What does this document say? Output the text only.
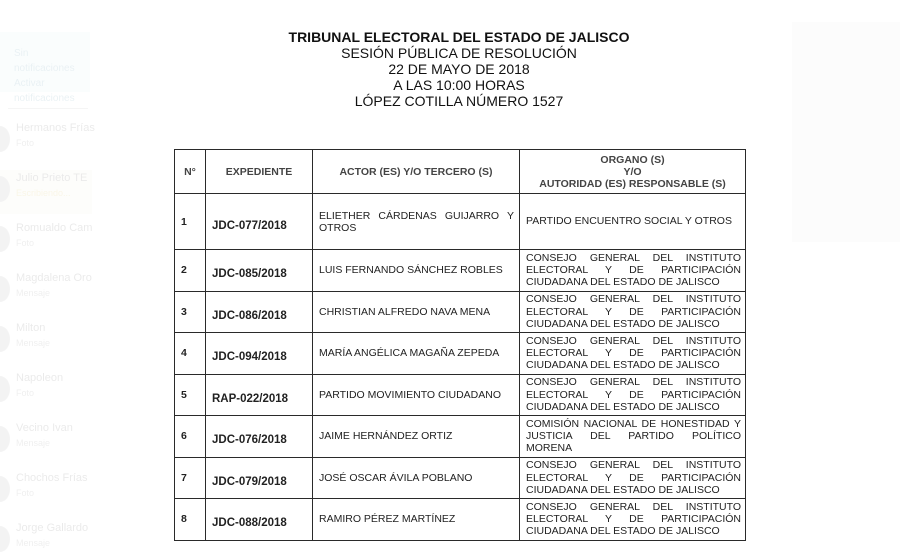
Sin notificaciones
Activar notificaciones
Hermanos Frías
Foto
Julio Prieto TE
Escribiendo...
Romualdo Cam
Foto
Magdalena Oro
Mensaje
Milton
Mensaje
Napoleon
Foto
Vecino Ivan
Mensaje
Chochos Frías
Foto
Jorge Gallardo
Mensaje
TRIBUNAL ELECTORAL DEL ESTADO DE JALISCO
SESIÓN PÚBLICA DE RESOLUCIÓN
22 DE MAYO DE 2018
A LAS 10:00 HORAS
LÓPEZ COTILLA NÚMERO 1527
N°	EXPEDIENTE	ACTOR (ES) Y/O TERCERO (S)	ORGANO (S)
Y/O
AUTORIDAD (ES) RESPONSABLE (S)

1	JDC-077/2018	ELIETHER CÁRDENAS GUIJARRO Y OTROS	PARTIDO ENCUENTRO SOCIAL Y OTROS
2	JDC-085/2018	LUIS FERNANDO SÁNCHEZ ROBLES	CONSEJO GENERAL DEL INSTITUTO ELECTORAL Y DE PARTICIPACIÓN CIUDADANA DEL ESTADO DE JALISCO
3	JDC-086/2018	CHRISTIAN ALFREDO NAVA MENA	CONSEJO GENERAL DEL INSTITUTO ELECTORAL Y DE PARTICIPACIÓN CIUDADANA DEL ESTADO DE JALISCO
4	JDC-094/2018	MARÍA ANGÉLICA MAGAÑA ZEPEDA	CONSEJO GENERAL DEL INSTITUTO ELECTORAL Y DE PARTICIPACIÓN CIUDADANA DEL ESTADO DE JALISCO
5	RAP-022/2018	PARTIDO MOVIMIENTO CIUDADANO	CONSEJO GENERAL DEL INSTITUTO ELECTORAL Y DE PARTICIPACIÓN CIUDADANA DEL ESTADO DE JALISCO
6	JDC-076/2018	JAIME HERNÁNDEZ ORTIZ	COMISIÓN NACIONAL DE HONESTIDAD Y JUSTICIA DEL PARTIDO POLÍTICO MORENA
7	JDC-079/2018	JOSÉ OSCAR ÁVILA POBLANO	CONSEJO GENERAL DEL INSTITUTO ELECTORAL Y DE PARTICIPACIÓN CIUDADANA DEL ESTADO DE JALISCO
8	JDC-088/2018	RAMIRO PÉREZ MARTÍNEZ	CONSEJO GENERAL DEL INSTITUTO ELECTORAL Y DE PARTICIPACIÓN CIUDADANA DEL ESTADO DE JALISCO
